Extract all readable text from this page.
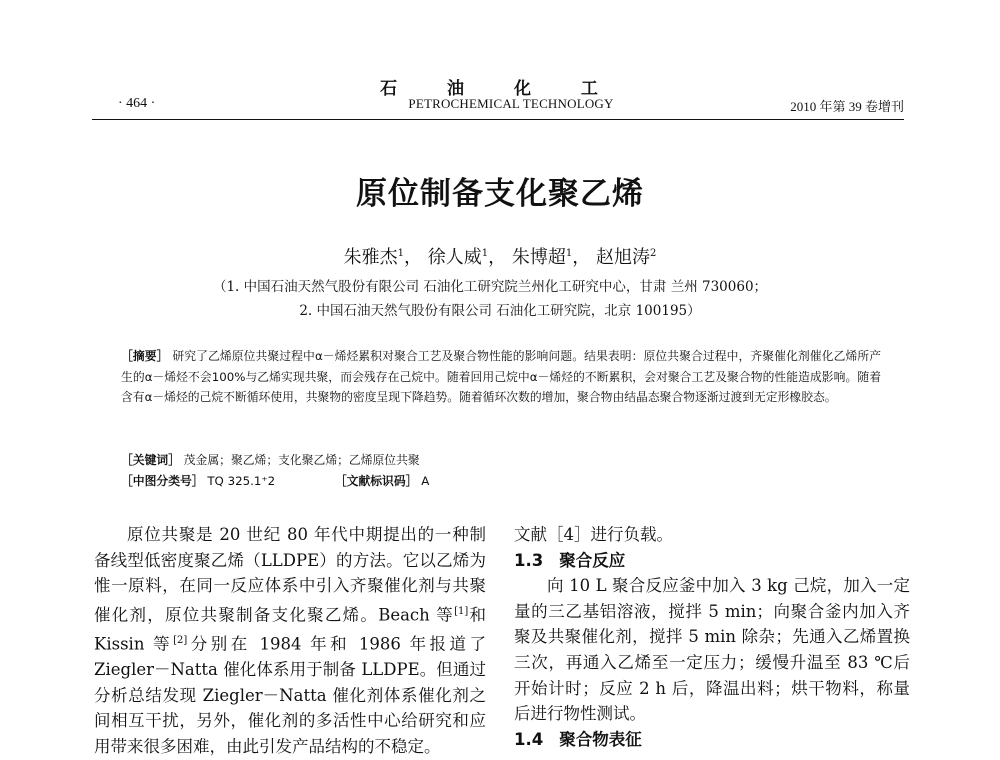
石 油 化 工
· 464 ·	PETROCHEMICAL TECHNOLOGY	2010 年第 39 卷增刊
原位制备支化聚乙烯
朱雅杰$^1$， 徐人威$^1$， 朱博超$^1$， 赵旭涛$^2$
（1. 中国石油天然气股份有限公司 石油化工研究院兰州化工研究中心，甘肃 兰州 730060；
2. 中国石油天然气股份有限公司 石油化工研究院，北京 100195）
［摘要］ 研究了乙烯原位共聚过程中α－烯烃累积对聚合工艺及聚合物性能的影响问题。结果表明：原位共聚合过程中，齐聚催化剂催化乙烯所产生的α－烯烃不会100%与乙烯实现共聚，而会残存在己烷中。随着回用己烷中α－烯烃的不断累积，会对聚合工艺及聚合物的性能造成影响。随着含有α－烯烃的己烷不断循环使用，共聚物的密度呈现下降趋势。随着循环次数的增加，聚合物由结晶态聚合物逐渐过渡到无定形橡胶态。
［关键词］ 茂金属；聚乙烯；支化聚乙烯；乙烯原位共聚
［中图分类号］ TQ 325.1⁺2	［文献标识码］ A

原位共聚是 20 世纪 80 年代中期提出的一种制备线型低密度聚乙烯（LLDPE）的方法。它以乙烯为惟一原料，在同一反应体系中引入齐聚催化剂与共聚催化剂，原位共聚制备支化聚乙烯。Beach 等[1]和 Kissin 等[2]分别在 1984 年和 1986 年报道了 Ziegler－Natta 催化体系用于制备 LLDPE。但通过分析总结发现 Ziegler－Natta 催化剂体系催化剂之间相互干扰，另外，催化剂的多活性中心给研究和应用带来很多困难，由此引发产品结构的不稳定。

文献［4］进行负载。

1.3 聚合反应

向 10 L 聚合反应釜中加入 3 kg 己烷，加入一定量的三乙基铝溶液，搅拌 5 min；向聚合釜内加入齐聚及共聚催化剂，搅拌 5 min 除杂；先通入乙烯置换三次，再通入乙烯至一定压力；缓慢升温至 83 ℃后开始计时；反应 2 h 后，降温出料；烘干物料，称量后进行物性测试。

1.4 聚合物表征
